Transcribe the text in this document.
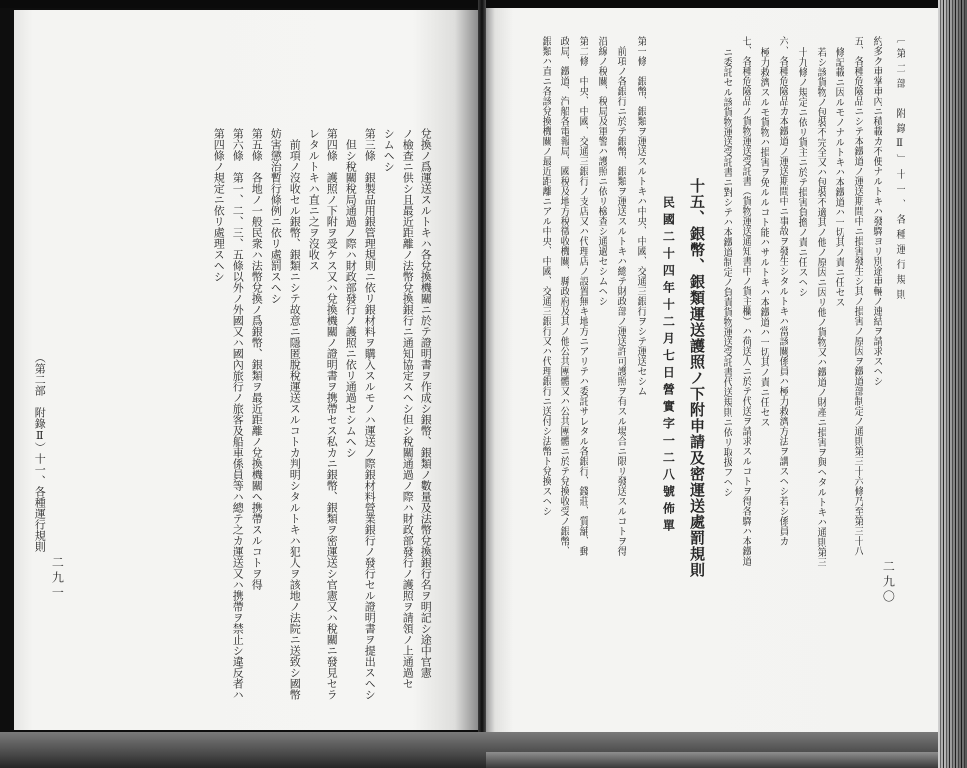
〔第二部　附錄Ⅱ〕十一、各種運行規則
約多ク車掌車內ニ積載カ不便ナルトキハ發驛ヨリ別途車輛ノ連結ヲ請求スヘシ
五、各種危險品ニシテ本鐵道ノ運送期間中ニ損害發生シ其ノ損害ノ原因ヲ鐵道部制定ノ通則第三十六條乃至第三十八
條記載ニ因ルモノナルトキハ本鐵道ハ一切其ノ責ニ任セス
若シ該貨物ノ包裝不完全又ハ包裝不適其ノ他ノ原因ニ因リ他ノ貨物又ハ鐵道ノ財產ニ損害ヲ與ヘタルトキハ通則第三
十九條ノ規定ニ依リ貨主ニ於テ損害負擔ノ責ニ任スヘシ
六、各種危險品カ本鐵道ノ運送期間中ニ事故ヲ發生シタルトキハ當該關係員ハ極力救濟方法ヲ講スヘシ若シ係員カ
極力救濟スルモ貨物ハ損害ヲ免ルルコト能ハサルトキハ本鐵道ハ一切其ノ責ニ任セス
七、各種危險品ノ貨物運送受託書（貨物運送通知書中ノ貨主欄）ハ荷送人ニ於テ代送ヲ請求スルコトヲ得各驛ハ本鐵道
ニ委託セル該貨物運送受託書ニ對シテハ本鐵道制定ノ負責貨物運送受託書代送規則ニ依リ取扱フヘシ
十五、銀幣、銀類運送護照ノ下附申請及密運送處罰規則
民國二十四年十二月七日營實字一二八號佈單
第一條　銀幣、銀類ヲ運送スルトキハ中央、中國、交通三銀行ヲシテ運送セシム
前項ノ各銀行ニ於テ銀幣、銀類ヲ運送スルトキハ總テ財政部ノ運送許可護照ヲ有スル場合ニ限リ發送スルコトヲ得
沿線ノ稅關、稅局及軍警ハ護照ニ依リ檢查シ通過セシムヘシ
第二條　中央、中國、交通三銀行ノ支店又ハ代理店ノ設置無キ地方ニアリテハ委託サレタル各銀行、錢莊、質舖、郵
政局、鐵道、汽船各電報局、國稅及地方稅徵收機關、縣政府及其ノ他公共團體又ハ公共團體ニ於テ兌換收受ノ銀幣、
銀類ハ直ニ各該兌換機關ノ最近距離ニアル中央、中國、交通三銀行又ハ代理銀行ニ送付シ法幣ト兌換スヘシ
二九〇
兌換ノ爲運送スルトキハ各兌換機關ニ於テ證明書ヲ作成シ銀幣、銀類ノ數量及法幣兌換銀行名ヲ明記シ途中官憲
ノ檢查ニ供シ且最近距離ノ法幣兌換銀行ニ通知協定スヘシ但シ稅關通過ノ際ハ財政部發行ノ護照ヲ請領ノ上通過セ
シムヘシ
第三條　銀製品用銀管理規則ニ依リ銀材料ヲ購入スルモノハ運送ノ際銀材料營業銀行ノ發行セル證明書ヲ提出スヘシ
但シ稅關稅局通過ノ際ハ財政部發行ノ護照ニ依リ通過セシムヘシ
第四條　護照ノ下附ヲ受ケス又ハ兌換機關ノ證明書ヲ携帶セス私カニ銀幣、銀類ヲ密運送シ官憲又ハ稅關ニ發見セラ
レタルトキハ直ニ之ヲ沒收ス
前項ノ沒收セル銀幣、銀類ニシテ故意ニ隱匿脫稅運送スルコトカ判明シタルトキハ犯人ヲ該地ノ法院ニ送致シ國幣
妨害懲治暫行條例ニ依リ處罰スヘシ
第五條　各地ノ一般民衆ハ法幣兌換ノ爲銀幣、銀類ヲ最近距離ノ兌換機關ヘ携帶スルコトヲ得
第六條　第一、二、三、五條以外ノ外國又ハ國內旅行ノ旅客及船車係員等ハ總テ之カ運送又ハ携帶ヲ禁止シ違反者ハ
第四條ノ規定ニ依リ處理スヘシ
（第二部　附錄Ⅱ）十一、各種運行規則
二九一
